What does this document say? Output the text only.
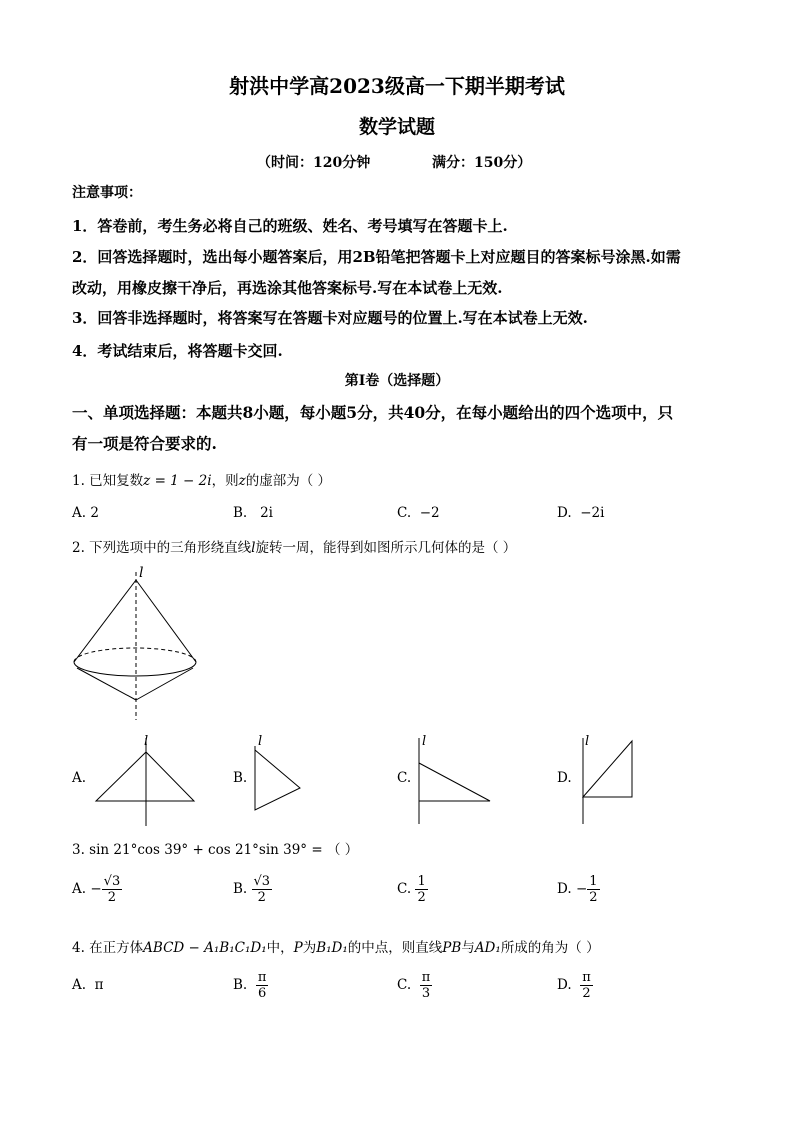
射洪中学高2023级高一下期半期考试
数学试题
（时间：120分钟	满分：150分）
注意事项：
1．答卷前，考生务必将自己的班级、姓名、考号填写在答题卡上.
2．回答选择题时，选出每小题答案后，用2B铅笔把答题卡上对应题目的答案标号涂黑.如需
改动，用橡皮擦干净后，再选涂其他答案标号.写在本试卷上无效.
3．回答非选择题时，将答案写在答题卡对应题号的位置上.写在本试卷上无效.
4．考试结束后，将答题卡交回.
第Ⅰ卷（选择题）
一、单项选择题：本题共8小题，每小题5分，共40分，在每小题给出的四个选项中，只
有一项是符合要求的.
1. 已知复数z = 1 − 2i，则z的虚部为（ ）
A. 2	B. 2i	C. −2	D. −2i
2. 下列选项中的三角形绕直线l旋转一周，能得到如图所示几何体的是（ ）
l
A.
l
B.
l
C.
l
D.
l
3. sin 21°cos 39° + cos 21°sin 39° = （ ）
A. − $\frac{√3}{2}$	B. $\frac{√3}{2}$	C. $\frac{1}{2}$	D. − $\frac{1}{2}$
4. 在正方体ABCD − A₁B₁C₁D₁中，P为B₁D₁的中点，则直线PB与AD₁所成的角为（ ）
A. π	B. $\frac{\pi}{6}$	C. $\frac{\pi}{3}$	D. $\frac{\pi}{2}$
